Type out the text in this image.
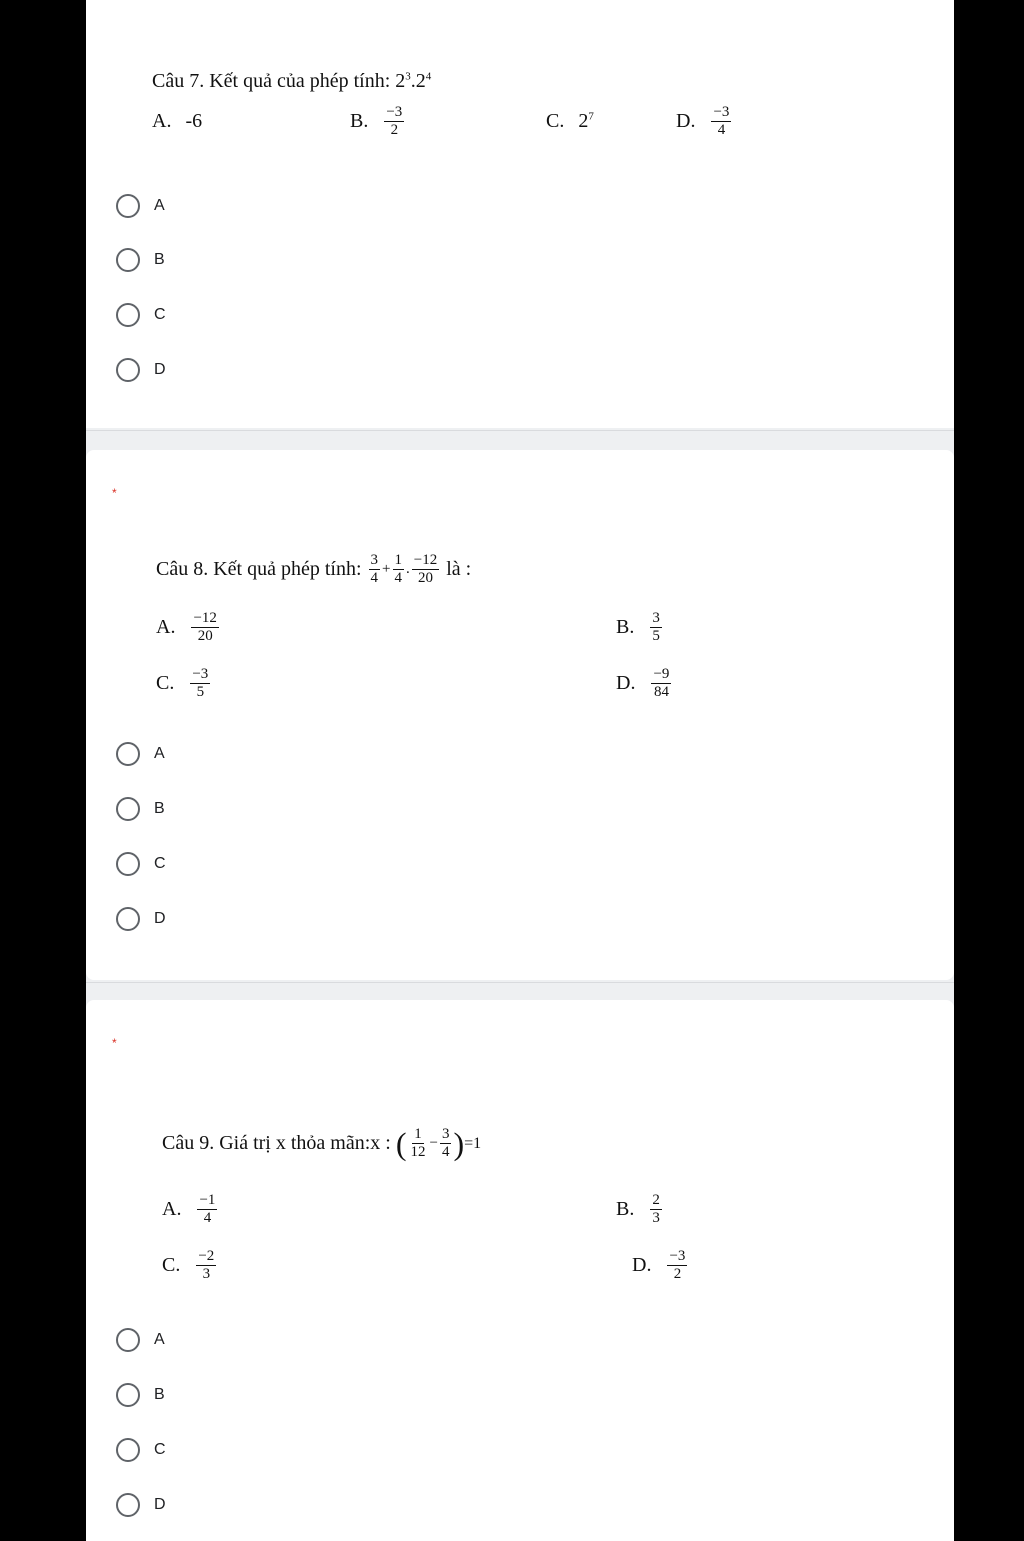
Câu 7. Kết quả của phép tính: $2^3.2^4$
A. -6	B. $\frac{-3}{2}$	C. $2^7$	D. $\frac{-3}{4}$
A
B
C
D
*
Câu 8. Kết quả phép tính: $\frac{3}{4} + \frac{1}{4}$ . $\frac{-12}{20}$ là :
A. $\frac{-12}{20}$	B. $\frac{3}{5}$
C. $\frac{-3}{5}$	D. $\frac{-9}{84}$
A
B
C
D
*
Câu 9. Giá trị x thỏa mãn:x : ( $\frac{1}{12} - \frac{3}{4} )=1$
A. $\frac{-1}{4}$	B. $\frac{2}{3}$
C. $\frac{-2}{3}$	D. $\frac{-3}{2}$
A
B
C
D
